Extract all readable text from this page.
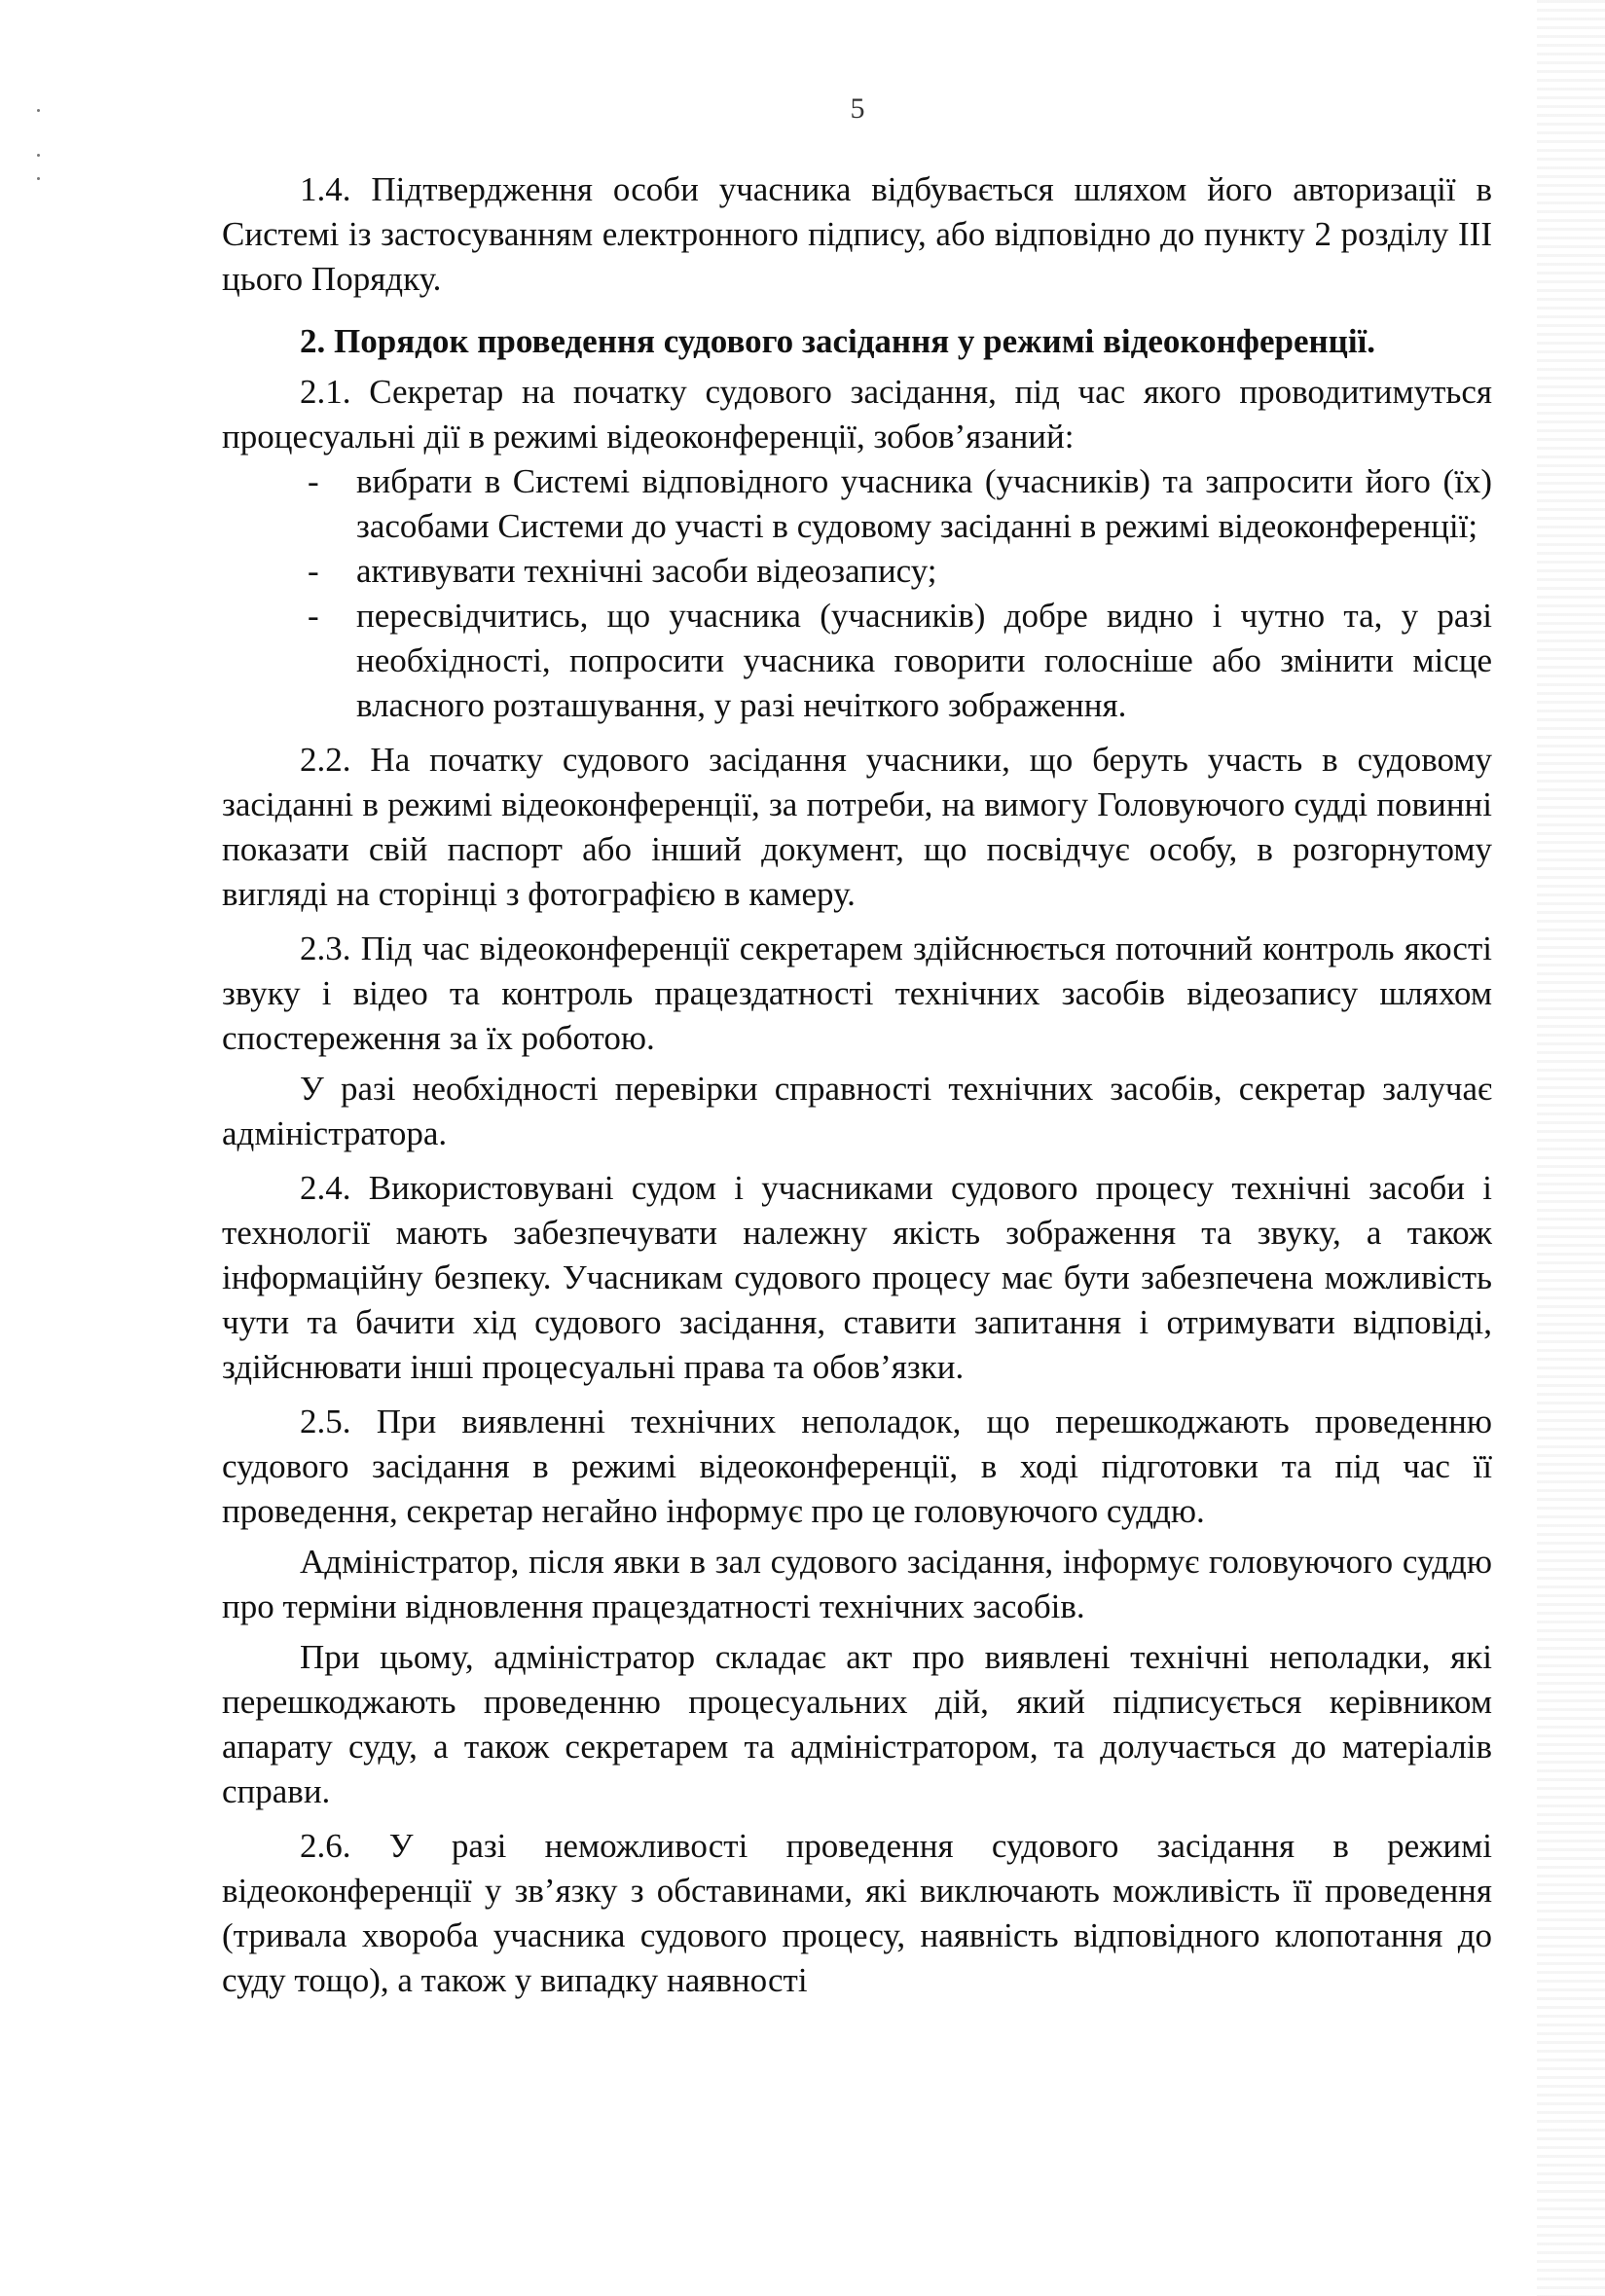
5

1.4. Підтвердження особи учасника відбувається шляхом його авторизації в Системі із застосуванням електронного підпису, або відповідно до пункту 2 розділу III цього Порядку.

2. Порядок проведення судового засідання у режимі відеоконференції.

2.1. Секретар на початку судового засідання, під час якого проводитимуться процесуальні дії в режимі відеоконференції, зобов’язаний:

- вибрати в Системі відповідного учасника (учасників) та запросити його (їх) засобами Системи до участі в судовому засіданні в режимі відеоконференції;
- активувати технічні засоби відеозапису;
- пересвідчитись, що учасника (учасників) добре видно і чутно та, у разі необхідності, попросити учасника говорити голосніше або змінити місце власного розташування, у разі нечіткого зображення.

2.2. На початку судового засідання учасники, що беруть участь в судовому засіданні в режимі відеоконференції, за потреби, на вимогу Головуючого судді повинні показати свій паспорт або інший документ, що посвідчує особу, в розгорнутому вигляді на сторінці з фотографією в камеру.

2.3. Під час відеоконференції секретарем здійснюється поточний контроль якості звуку і відео та контроль працездатності технічних засобів відеозапису шляхом спостереження за їх роботою.

У разі необхідності перевірки справності технічних засобів, секретар залучає адміністратора.

2.4. Використовувані судом і учасниками судового процесу технічні засоби і технології мають забезпечувати належну якість зображення та звуку, а також інформаційну безпеку. Учасникам судового процесу має бути забезпечена можливість чути та бачити хід судового засідання, ставити запитання і отримувати відповіді, здійснювати інші процесуальні права та обов’язки.

2.5. При виявленні технічних неполадок, що перешкоджають проведенню судового засідання в режимі відеоконференції, в ході підготовки та під час її проведення, секретар негайно інформує про це головуючого суддю.

Адміністратор, після явки в зал судового засідання, інформує головуючого суддю про терміни відновлення працездатності технічних засобів.

При цьому, адміністратор складає акт про виявлені технічні неполадки, які перешкоджають проведенню процесуальних дій, який підписується керівником апарату суду, а також секретарем та адміністратором, та долучається до матеріалів справи.

2.6. У разі неможливості проведення судового засідання в режимі відеоконференції у зв’язку з обставинами, які виключають можливість її проведення (тривала хвороба учасника судового процесу, наявність відповідного клопотання до суду тощо), а також у випадку наявності
